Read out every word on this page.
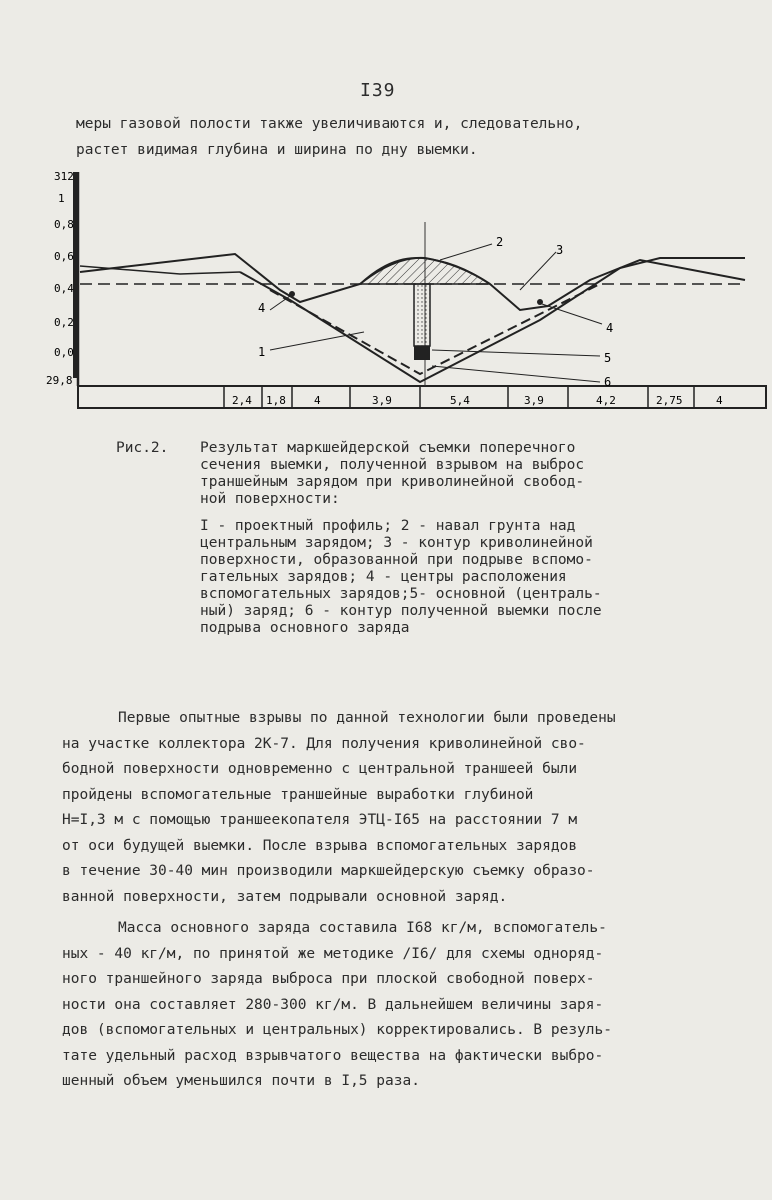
I39
меры газовой полости также увеличиваются и, следовательно,
растет видимая глубина и ширина по дну выемки.
312
1
0,8
0,6
0,4
0,2
0,0
29,8
2,4 1,8	4	3,9	5,4	3,9	4,2	2,75	4
2
3
4
4
1	5
6
Рис.2. Результат маркшейдерской съемки поперечного
сечения выемки, полученной взрывом на выброс
траншейным зарядом при криволинейной свобод-
ной поверхности:
I - проектный профиль; 2 - навал грунта над
центральным зарядом; 3 - контур криволинейной
поверхности, образованной при подрыве вспомо-
гательных зарядов; 4 - центры расположения
вспомогательных зарядов;5- основной (централь-
ный) заряд; 6 - контур полученной выемки после
подрыва основного заряда
Первые опытные взрывы по данной технологии были проведены
на участке коллектора 2К-7. Для получения криволинейной сво-
бодной поверхности одновременно с центральной траншеей были
пройдены вспомогательные траншейные выработки глубиной
Н=I,3 м с помощью траншеекопателя ЭТЦ-I65 на расстоянии 7 м
от оси будущей выемки. После взрыва вспомогательных зарядов
в течение 30-40 мин производили маркшейдерскую съемку образо-
ванной поверхности, затем подрывали основной заряд.
Масса основного заряда составила I68 кг/м, вспомогатель-
ных - 40 кг/м, по принятой же методике /I6/ для схемы одноряд-
ного траншейного заряда выброса при плоской свободной поверх-
ности она составляет 280-300 кг/м. В дальнейшем величины заря-
дов (вспомогательных и центральных) корректировались. В резуль-
тате удельный расход взрывчатого вещества на фактически выбро-
шенный объем уменьшился почти в I,5 раза.
